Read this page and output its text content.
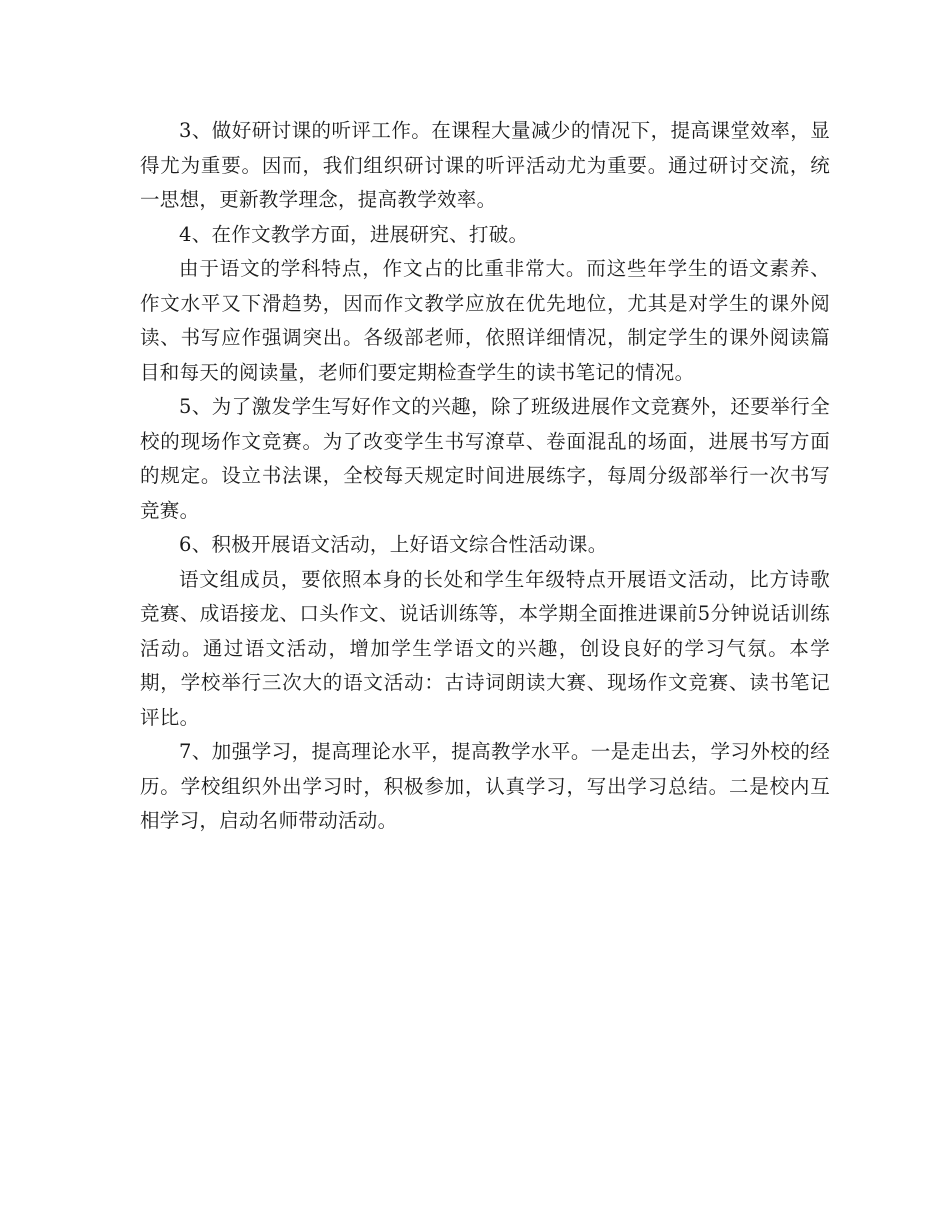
3、做好研讨课的听评工作。在课程大量减少的情况下，提高课堂效率，显得尤为重要。因而，我们组织研讨课的听评活动尤为重要。通过研讨交流，统一思想，更新教学理念，提高教学效率。

4、在作文教学方面，进展研究、打破。

由于语文的学科特点，作文占的比重非常大。而这些年学生的语文素养、作文水平又下滑趋势，因而作文教学应放在优先地位，尤其是对学生的课外阅读、书写应作强调突出。各级部老师，依照详细情况，制定学生的课外阅读篇目和每天的阅读量，老师们要定期检查学生的读书笔记的情况。

5、为了激发学生写好作文的兴趣，除了班级进展作文竞赛外，还要举行全校的现场作文竞赛。为了改变学生书写潦草、卷面混乱的场面，进展书写方面的规定。设立书法课，全校每天规定时间进展练字，每周分级部举行一次书写竞赛。

6、积极开展语文活动，上好语文综合性活动课。

语文组成员，要依照本身的长处和学生年级特点开展语文活动，比方诗歌竞赛、成语接龙、口头作文、说话训练等，本学期全面推进课前5分钟说话训练活动。通过语文活动，增加学生学语文的兴趣，创设良好的学习气氛。本学期，学校举行三次大的语文活动：古诗词朗读大赛、现场作文竞赛、读书笔记评比。

7、加强学习，提高理论水平，提高教学水平。一是走出去，学习外校的经历。学校组织外出学习时，积极参加，认真学习，写出学习总结。二是校内互相学习，启动名师带动活动。
